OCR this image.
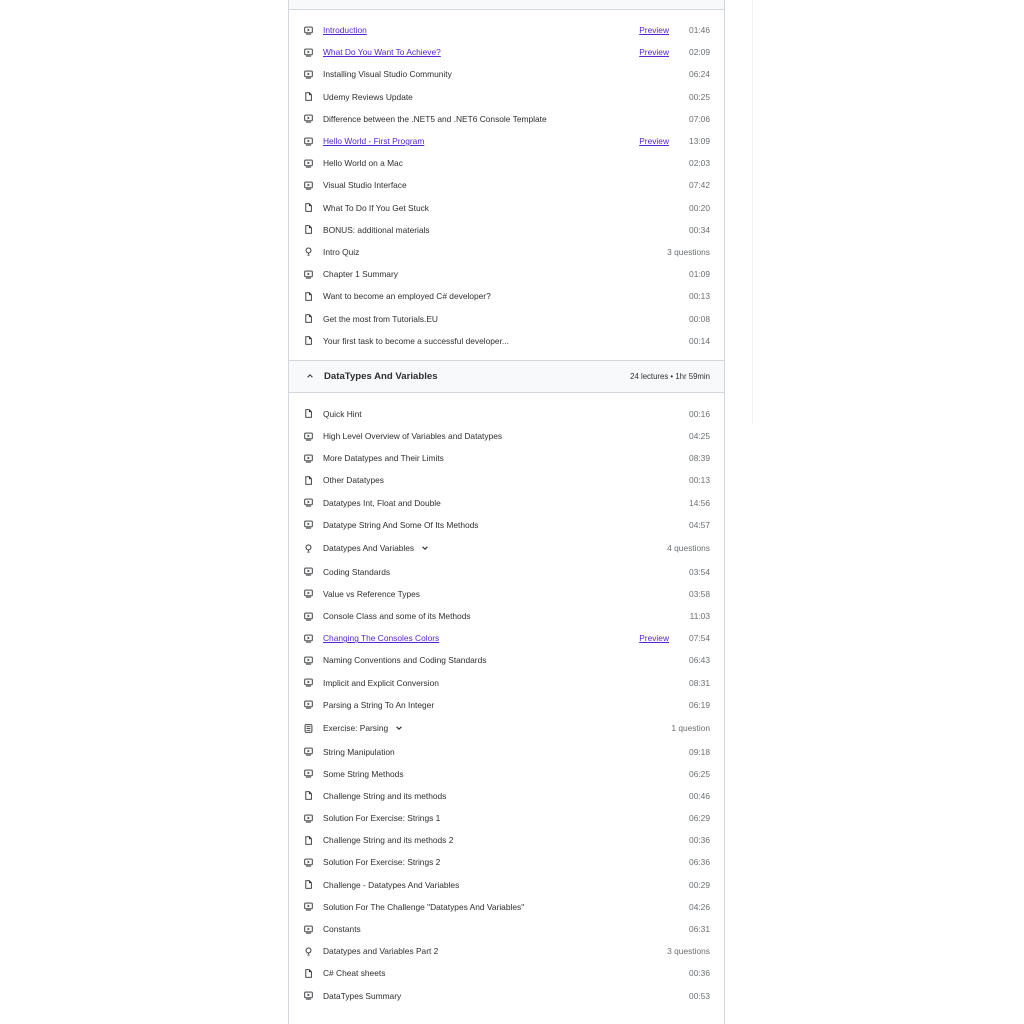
Introduction	Preview 01:46
What Do You Want To Achieve?	Preview 02:09
Installing Visual Studio Community	06:24
Udemy Reviews Update	00:25
Difference between the .NET5 and .NET6 Console Template	07:06
Hello World - First Program	Preview 13:09
Hello World on a Mac	02:03
Visual Studio Interface	07:42
What To Do If You Get Stuck	00:20
BONUS: additional materials	00:34
Intro Quiz	3 questions
Chapter 1 Summary	01:09
Want to become an employed C# developer?	00:13
Get the most from Tutorials.EU	00:08
Your first task to become a successful developer...	00:14
DataTypes And Variables	24 lectures • 1hr 59min
Quick Hint	00:16
High Level Overview of Variables and Datatypes	04:25
More Datatypes and Their Limits	08:39
Other Datatypes	00:13
Datatypes Int, Float and Double	14:56
Datatype String And Some Of Its Methods	04:57
Datatypes And Variables	4 questions
Coding Standards	03:54
Value vs Reference Types	03:58
Console Class and some of its Methods	11:03
Changing The Consoles Colors	Preview 07:54
Naming Conventions and Coding Standards	06:43
Implicit and Explicit Conversion	08:31
Parsing a String To An Integer	06:19
Exercise: Parsing	1 question
String Manipulation	09:18
Some String Methods	06:25
Challenge String and its methods	00:46
Solution For Exercise: Strings 1	06:29
Challenge String and its methods 2	00:36
Solution For Exercise: Strings 2	06:36
Challenge - Datatypes And Variables	00:29
Solution For The Challenge "Datatypes And Variables"	04:26
Constants	06:31
Datatypes and Variables Part 2	3 questions
C# Cheat sheets	00:36
DataTypes Summary	00:53
